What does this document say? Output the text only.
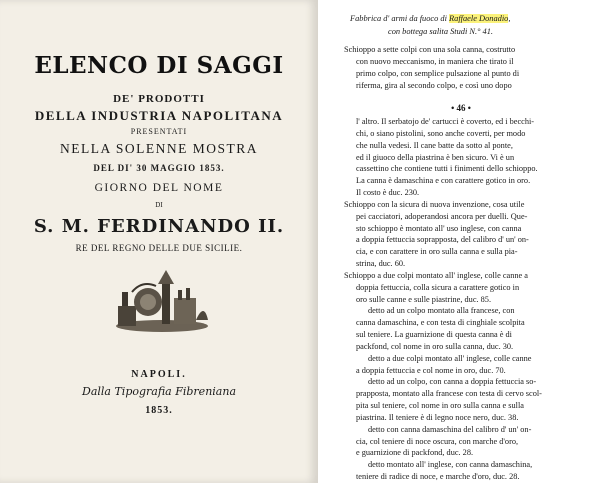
ELENCO DI SAGGI
DE' PRODOTTI
DELLA INDUSTRIA NAPOLITANA
PRESENTATI
NELLA SOLENNE MOSTRA
DEL DI' 30 MAGGIO 1853.
GIORNO DEL NOME
DI
S. M. FERDINANDO II.
RE DEL REGNO DELLE DUE SICILIE.
NAPOLI.
Dalla Tipografia Fibreniana
1853.
Fabbrica d' armi da fuoco di Raffaele Donadio,
con bottega salita Studi N.° 41.
Schioppo a sette colpi con una sola canna, costrutto
con nuovo meccanismo, in maniera che tirato il
primo colpo, con semplice pulsazione al punto di
riferma, gira al secondo colpo, e così uno dopo
• 46 •
l' altro. Il serbatojo de' cartucci è coverto, ed i becchi-
chi, o siano pistolini, sono anche coverti, per modo
che nulla vedesi. Il cane batte da sotto al ponte,
ed il giuoco della piastrina è ben sicuro. Vi è un
cassettino che contiene tutti i finimenti dello schioppo.
La canna è damaschina e con carattere gotico in oro.
Il costo è duc. 230.
Schioppo con la sicura di nuova invenzione, cosa utile
pei cacciatori, adoperandosi ancora per duelli. Que-
sto schioppo è montato all' uso inglese, con canna
a doppia fettuccia soprapposta, del calibro d' un' on-
cia, e con carattere in oro sulla canna e sulla pia-
strina, duc. 60.
Schioppo a due colpi montato all' inglese, colle canne a
doppia fettuccia, colla sicura a carattere gotico in
oro sulle canne e sulle piastrine, duc. 85.
detto ad un colpo montato alla francese, con
canna damaschina, e con testa di cinghiale scolpita
sul teniere. La guarnizione di questa canna è di
packfond, col nome in oro sulla canna, duc. 30.
detto a due colpi montato all' inglese, colle canne
a doppia fettuccia e col nome in oro, duc. 70.
detto ad un colpo, con canna a doppia fettuccia so-
prapposta, montato alla francese con testa di cervo scol-
pita sul teniere, col nome in oro sulla canna e sulla
piastrina. Il teniere è di legno noce nero, duc. 38.
detto con canna damaschina del calibro d' un' on-
cia, col teniere di noce oscura, con marche d'oro,
e guarnizione di packfond, duc. 28.
detto montato all' inglese, con canna damaschina,
teniere di radice di noce, e marche d'oro, duc. 28.
